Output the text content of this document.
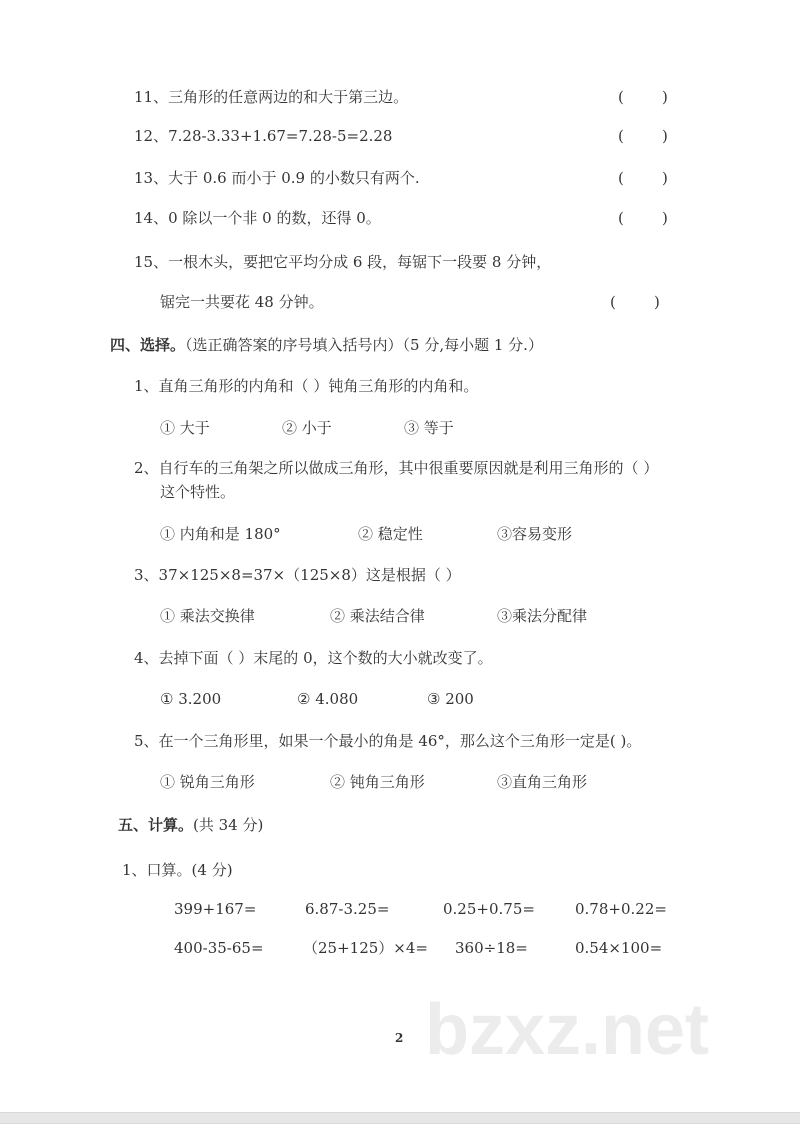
11、三角形的任意两边的和大于第三边。	(        )
12、7.28-3.33+1.67=7.28-5=2.28	(        )
13、大于 0.6 而小于 0.9 的小数只有两个.	(        )
14、0 除以一个非 0 的数，还得 0。	(        )
15、一根木头，要把它平均分成 6 段，每锯下一段要 8 分钟，
锯完一共要花 48 分钟。	(        )
四、选择。（选正确答案的序号填入括号内）（5 分,每小题 1 分.）
1、直角三角形的内角和（ ）钝角三角形的内角和。
① 大于	② 小于	③ 等于
2、自行车的三角架之所以做成三角形，其中很重要原因就是利用三角形的（ ）
这个特性。
① 内角和是 180°	② 稳定性	③容易变形
3、37×125×8=37×（125×8）这是根据（ ）
① 乘法交换律	② 乘法结合律	③乘法分配律
4、去掉下面（ ）末尾的 0，这个数的大小就改变了。
① 3.200	② 4.080	③ 200
5、在一个三角形里，如果一个最小的角是 46°，那么这个三角形一定是( )。
① 锐角三角形	② 钝角三角形	③直角三角形
五、计算。(共 34 分)
1、口算。(4 分)
399+167=	6.87-3.25=	0.25+0.75=	0.78+0.22=
400-35-65=	（25+125）×4= 360÷18=	0.54×100=
bzxz.net
2
